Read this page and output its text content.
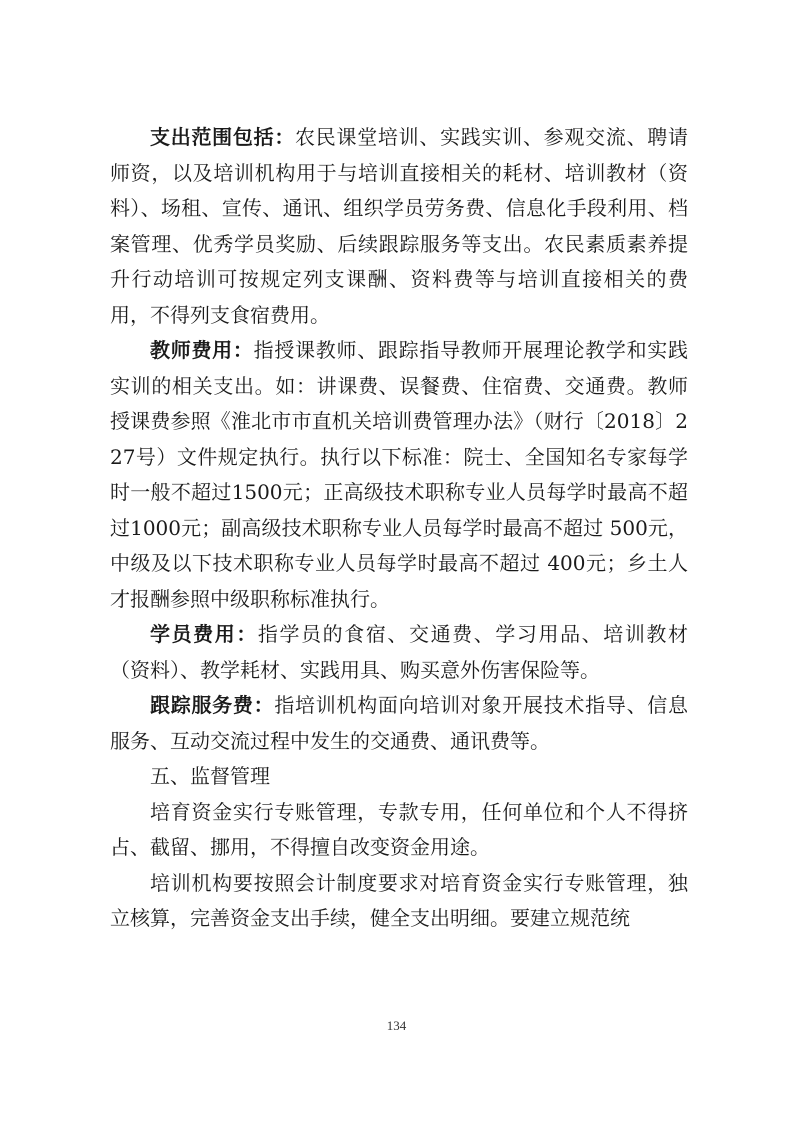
支出范围包括：农民课堂培训、实践实训、参观交流、聘请师资，以及培训机构用于与培训直接相关的耗材、培训教材（资料）、场租、宣传、通讯、组织学员劳务费、信息化手段利用、档案管理、优秀学员奖励、后续跟踪服务等支出。农民素质素养提升行动培训可按规定列支课酬、资料费等与培训直接相关的费用，不得列支食宿费用。

教师费用：指授课教师、跟踪指导教师开展理论教学和实践实训的相关支出。如：讲课费、误餐费、住宿费、交通费。教师授课费参照《淮北市市直机关培训费管理办法》（财行〔2018〕227号）文件规定执行。执行以下标准：院士、全国知名专家每学时一般不超过1500元；正高级技术职称专业人员每学时最高不超过1000元；副高级技术职称专业人员每学时最高不超过 500元，中级及以下技术职称专业人员每学时最高不超过 400元；乡土人才报酬参照中级职称标准执行。

学员费用：指学员的食宿、交通费、学习用品、培训教材（资料）、教学耗材、实践用具、购买意外伤害保险等。

跟踪服务费：指培训机构面向培训对象开展技术指导、信息服务、互动交流过程中发生的交通费、通讯费等。

五、监督管理

培育资金实行专账管理，专款专用，任何单位和个人不得挤占、截留、挪用，不得擅自改变资金用途。

培训机构要按照会计制度要求对培育资金实行专账管理，独立核算，完善资金支出手续，健全支出明细。要建立规范统

134
